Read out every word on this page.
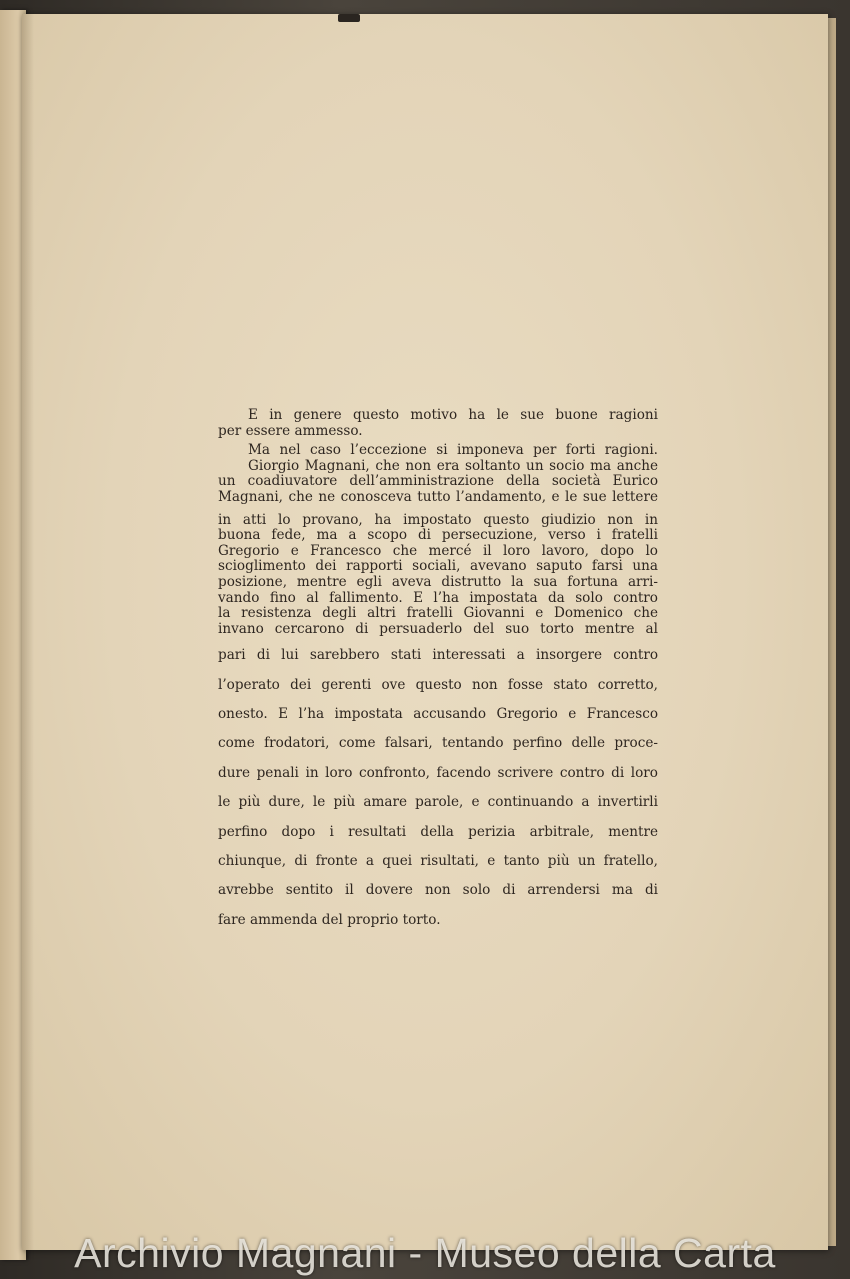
E in genere questo motivo ha le sue buone ragioni
per essere ammesso.
Ma nel caso l’eccezione si imponeva per forti ragioni.
Giorgio Magnani, che non era soltanto un socio ma anche
un coadiuvatore dell’amministrazione della società Eurico
Magnani, che ne conosceva tutto l’andamento, e le sue lettere
in atti lo provano, ha impostato questo giudizio non in
buona fede, ma a scopo di persecuzione, verso i fratelli
Gregorio e Francesco che mercé il loro lavoro, dopo lo
scioglimento dei rapporti sociali, avevano saputo farsi una
posizione, mentre egli aveva distrutto la sua fortuna arri-
vando fino al fallimento. E l’ha impostata da solo contro
la resistenza degli altri fratelli Giovanni e Domenico che
invano cercarono di persuaderlo del suo torto mentre al
pari di lui sarebbero stati interessati a insorgere contro
l’operato dei gerenti ove questo non fosse stato corretto,
onesto. E l’ha impostata accusando Gregorio e Francesco
come frodatori, come falsari, tentando perfino delle proce-
dure penali in loro confronto, facendo scrivere contro di loro
le più dure, le più amare parole, e continuando a invertirli
perfino dopo i resultati della perizia arbitrale, mentre
chiunque, di fronte a quei risultati, e tanto più un fratello,
avrebbe sentito il dovere non solo di arrendersi ma di
fare ammenda del proprio torto.
Archivio Magnani - Museo della Carta
